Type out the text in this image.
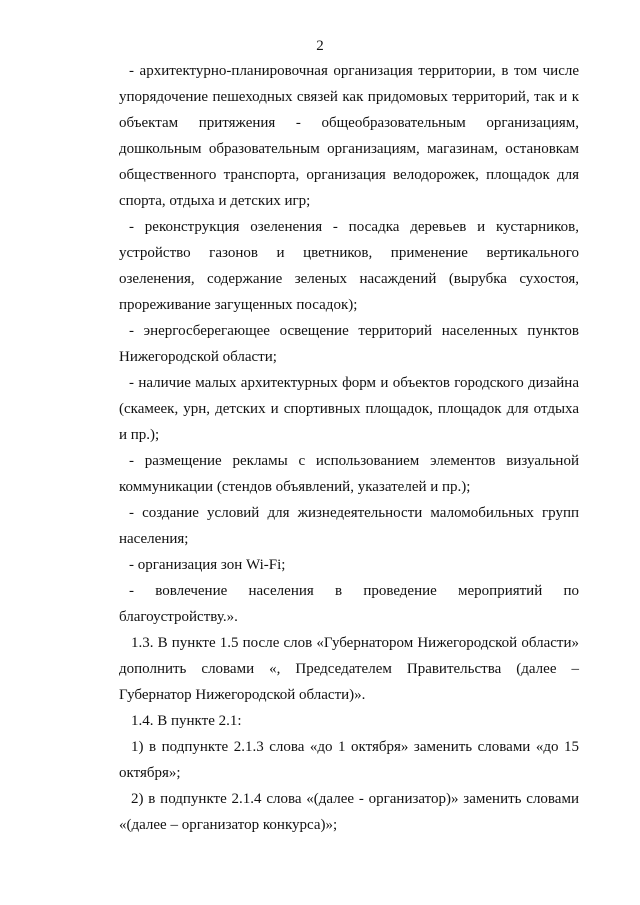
2

- архитектурно-планировочная организация территории, в том числе упорядочение пешеходных связей как придомовых территорий, так и к объектам притяжения - общеобразовательным организациям, дошкольным образовательным организациям, магазинам, остановкам общественного транспорта, организация велодорожек, площадок для спорта, отдыха и детских игр;

- реконструкция озеленения - посадка деревьев и кустарников, устройство газонов и цветников, применение вертикального озеленения, содержание зеленых насаждений (вырубка сухостоя, прореживание загущенных посадок);

- энергосберегающее освещение территорий населенных пунктов Нижегородской области;

- наличие малых архитектурных форм и объектов городского дизайна (скамеек, урн, детских и спортивных площадок, площадок для отдыха и пр.);

- размещение рекламы с использованием элементов визуальной коммуникации (стендов объявлений, указателей и пр.);

- создание условий для жизнедеятельности маломобильных групп населения;

- организация зон Wi-Fi;

- вовлечение населения в проведение мероприятий по благоустройству.».

1.3. В пункте 1.5 после слов «Губернатором Нижегородской области» дополнить словами «, Председателем Правительства (далее – Губернатор Нижегородской области)».

1.4. В пункте 2.1:

1) в подпункте 2.1.3 слова «до 1 октября» заменить словами «до 15 октября»;

2) в подпункте 2.1.4 слова «(далее - организатор)» заменить словами «(далее – организатор конкурса)»;
